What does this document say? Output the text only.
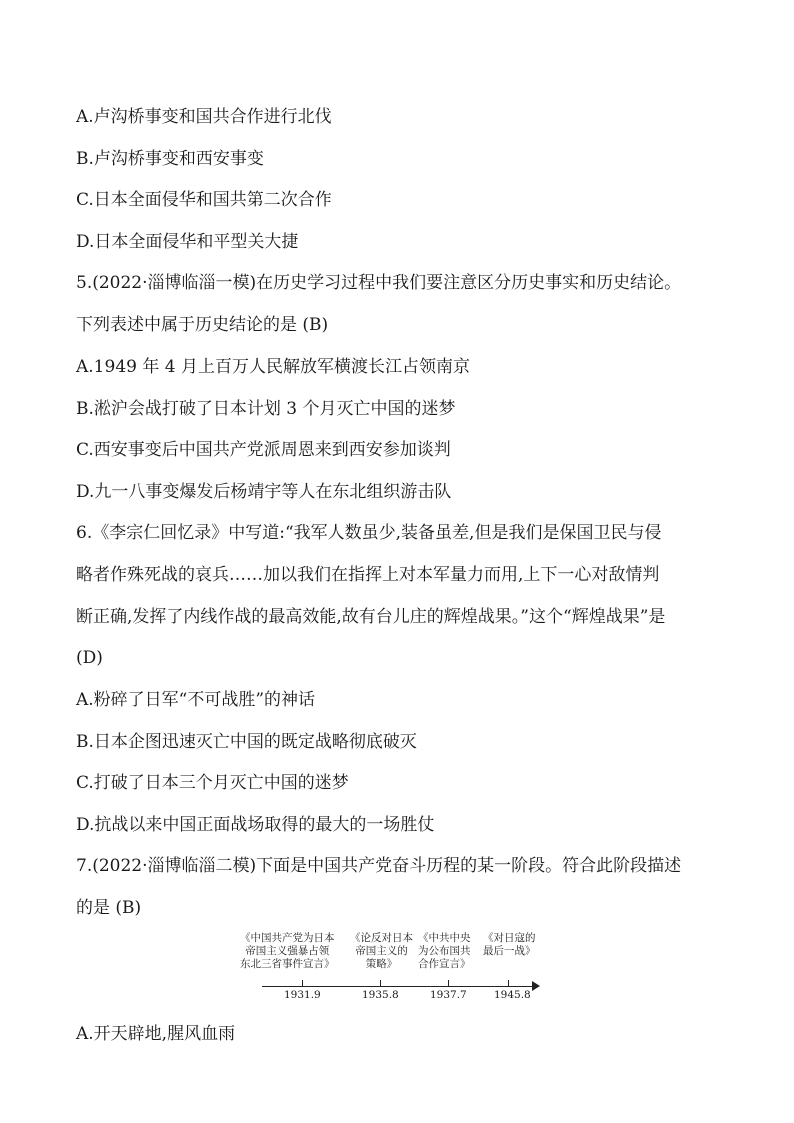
A.卢沟桥事变和国共合作进行北伐
B.卢沟桥事变和西安事变
C.日本全面侵华和国共第二次合作
D.日本全面侵华和平型关大捷
5.(2022·淄博临淄一模)在历史学习过程中我们要注意区分历史事实和历史结论。
下列表述中属于历史结论的是 (B)
A.1949 年 4 月上百万人民解放军横渡长江占领南京
B.淞沪会战打破了日本计划 3 个月灭亡中国的迷梦
C.西安事变后中国共产党派周恩来到西安参加谈判
D.九一八事变爆发后杨靖宇等人在东北组织游击队
6.《李宗仁回忆录》中写道:“我军人数虽少,装备虽差,但是我们是保国卫民与侵
略者作殊死战的哀兵……加以我们在指挥上对本军量力而用,上下一心对敌情判
断正确,发挥了内线作战的最高效能,故有台儿庄的辉煌战果。”这个“辉煌战果”是
(D)
A.粉碎了日军“不可战胜”的神话
B.日本企图迅速灭亡中国的既定战略彻底破灭
C.打破了日本三个月灭亡中国的迷梦
D.抗战以来中国正面战场取得的最大的一场胜仗
7.(2022·淄博临淄二模)下面是中国共产党奋斗历程的某一阶段。符合此阶段描述
的是 (B)
A.开天辟地,腥风血雨
《中国共产党为日本
帝国主义强暴占领
东北三省事件宣言》
《论反对日本
帝国主义的
策略》
《中共中央
为公布国共
合作宣言》
《对日寇的
最后一战》
1931.9	1935.8	1937.7	1945.8
